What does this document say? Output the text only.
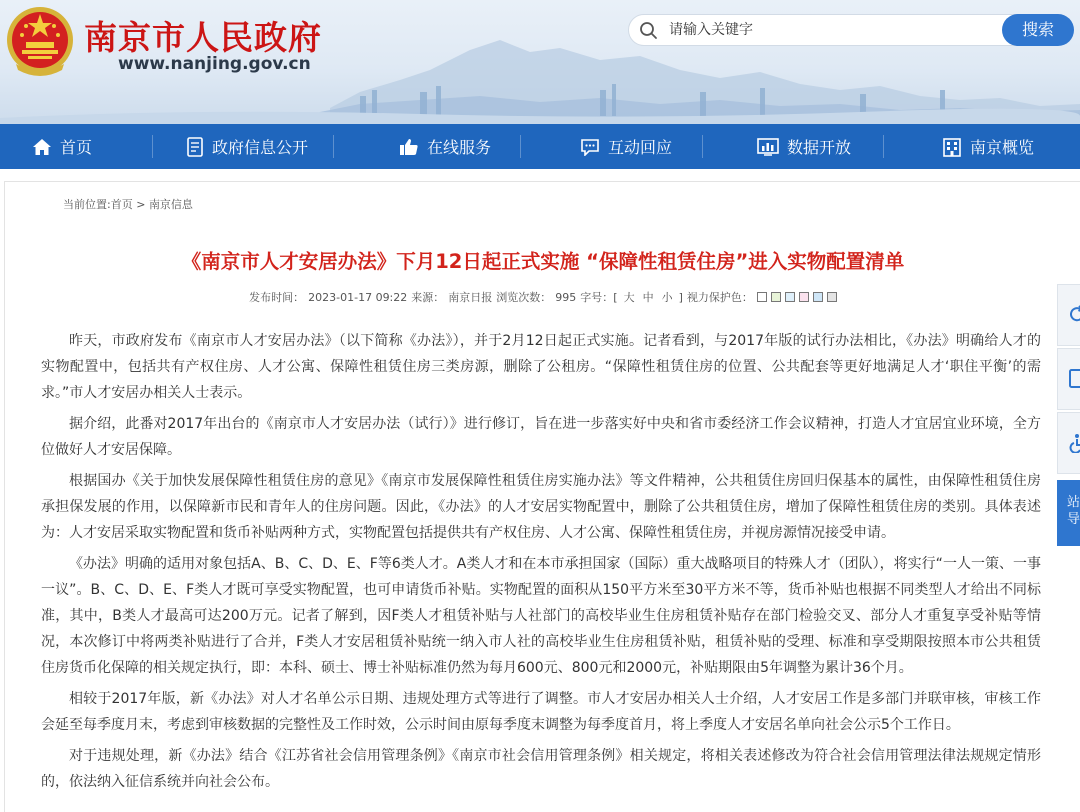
南京市人民政府
www.nanjing.gov.cn
请输入关键字
搜索
首页	政府信息公开	在线服务	互动回应	数据开放	南京概览
当前位置:首页 > 南京信息
《南京市人才安居办法》下月12日起正式实施 “保障性租赁住房”进入实物配置清单
发布时间： 2023-01-17 09:22 来源： 南京日报 浏览次数： 995 字号：[ 大 中 小 ] 视力保护色：

昨天，市政府发布《南京市人才安居办法》（以下简称《办法》），并于2月12日起正式实施。记者看到，与2017年版的试行办法相比，《办法》明确给人才的实物配置中，包括共有产权住房、人才公寓、保障性租赁住房三类房源，删除了公租房。“保障性租赁住房的位置、公共配套等更好地满足人才‘职住平衡’的需求。”市人才安居办相关人士表示。

据介绍，此番对2017年出台的《南京市人才安居办法（试行）》进行修订，旨在进一步落实好中央和省市委经济工作会议精神，打造人才宜居宜业环境，全方位做好人才安居保障。

根据国办《关于加快发展保障性租赁住房的意见》《南京市发展保障性租赁住房实施办法》等文件精神，公共租赁住房回归保基本的属性，由保障性租赁住房承担保发展的作用，以保障新市民和青年人的住房问题。因此，《办法》的人才安居实物配置中，删除了公共租赁住房，增加了保障性租赁住房的类别。具体表述为：人才安居采取实物配置和货币补贴两种方式，实物配置包括提供共有产权住房、人才公寓、保障性租赁住房，并视房源情况接受申请。

《办法》明确的适用对象包括A、B、C、D、E、F等6类人才。A类人才和在本市承担国家（国际）重大战略项目的特殊人才（团队），将实行“一人一策、一事一议”。B、C、D、E、F类人才既可享受实物配置，也可申请货币补贴。实物配置的面积从150平方米至30平方米不等，货币补贴也根据不同类型人才给出不同标准，其中，B类人才最高可达200万元。记者了解到，因F类人才租赁补贴与人社部门的高校毕业生住房租赁补贴存在部门检验交叉、部分人才重复享受补贴等情况，本次修订中将两类补贴进行了合并，F类人才安居租赁补贴统一纳入市人社的高校毕业生住房租赁补贴，租赁补贴的受理、标准和享受期限按照本市公共租赁住房货币化保障的相关规定执行，即：本科、硕士、博士补贴标准仍然为每月600元、800元和2000元，补贴期限由5年调整为累计36个月。

相较于2017年版，新《办法》对人才名单公示日期、违规处理方式等进行了调整。市人才安居办相关人士介绍，人才安居工作是多部门并联审核，审核工作会延至每季度月末，考虑到审核数据的完整性及工作时效，公示时间由原每季度末调整为每季度首月，将上季度人才安居名单向社会公示5个工作日。

对于违规处理，新《办法》结合《江苏省社会信用管理条例》《南京市社会信用管理条例》相关规定，将相关表述修改为符合社会信用管理法律法规规定情形的，依法纳入征信系统并向社会公布。

站导
